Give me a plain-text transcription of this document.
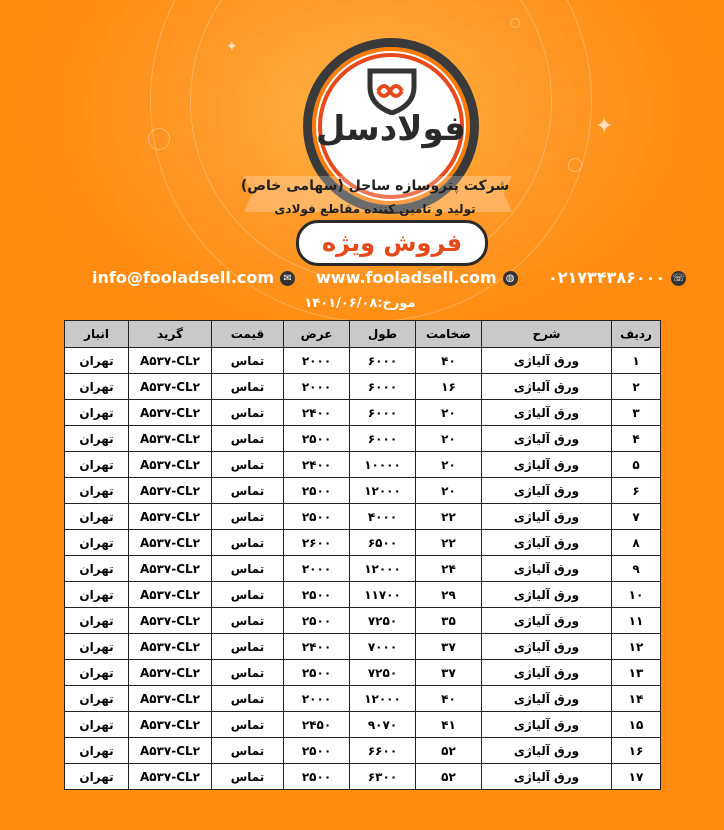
✦
✦
فولادسل
شرکت پتروسازه ساحل (سهامی خاص)
تولید و تامین کننده مقاطع فولادی
فروش ویژه
info@fooladsell.com ✉ www.fooladsell.com ◍ ۰۲۱۷۳۴۳۸۶۰۰۰ ☏
مورخ:۱۴۰۱/۰۶/۰۸
انبار	گرید	قیمت	عرض	طول	ضخامت	شرح	ردیف
تهران	A۵۳۷-CL۲	تماس	۲۰۰۰	۶۰۰۰	۴۰	ورق آلیاژی	۱
تهران	A۵۳۷-CL۲	تماس	۲۰۰۰	۶۰۰۰	۱۶	ورق آلیاژی	۲
تهران	A۵۳۷-CL۲	تماس	۲۴۰۰	۶۰۰۰	۲۰	ورق آلیاژی	۳
تهران	A۵۳۷-CL۲	تماس	۲۵۰۰	۶۰۰۰	۲۰	ورق آلیاژی	۴
تهران	A۵۳۷-CL۲	تماس	۲۴۰۰	۱۰۰۰۰	۲۰	ورق آلیاژی	۵
تهران	A۵۳۷-CL۲	تماس	۲۵۰۰	۱۲۰۰۰	۲۰	ورق آلیاژی	۶
تهران	A۵۳۷-CL۲	تماس	۲۵۰۰	۴۰۰۰	۲۲	ورق آلیاژی	۷
تهران	A۵۳۷-CL۲	تماس	۲۶۰۰	۶۵۰۰	۲۲	ورق آلیاژی	۸
تهران	A۵۳۷-CL۲	تماس	۲۰۰۰	۱۲۰۰۰	۲۴	ورق آلیاژی	۹
تهران	A۵۳۷-CL۲	تماس	۲۵۰۰	۱۱۷۰۰	۲۹	ورق آلیاژی	۱۰
تهران	A۵۳۷-CL۲	تماس	۲۵۰۰	۷۲۵۰	۳۵	ورق آلیاژی	۱۱
تهران	A۵۳۷-CL۲	تماس	۲۴۰۰	۷۰۰۰	۳۷	ورق آلیاژی	۱۲
تهران	A۵۳۷-CL۲	تماس	۲۵۰۰	۷۲۵۰	۳۷	ورق آلیاژی	۱۳
تهران	A۵۳۷-CL۲	تماس	۲۰۰۰	۱۲۰۰۰	۴۰	ورق آلیاژی	۱۴
تهران	A۵۳۷-CL۲	تماس	۲۴۵۰	۹۰۷۰	۴۱	ورق آلیاژی	۱۵
تهران	A۵۳۷-CL۲	تماس	۲۵۰۰	۶۶۰۰	۵۲	ورق آلیاژی	۱۶
تهران	A۵۳۷-CL۲	تماس	۲۵۰۰	۶۳۰۰	۵۲	ورق آلیاژی	۱۷
